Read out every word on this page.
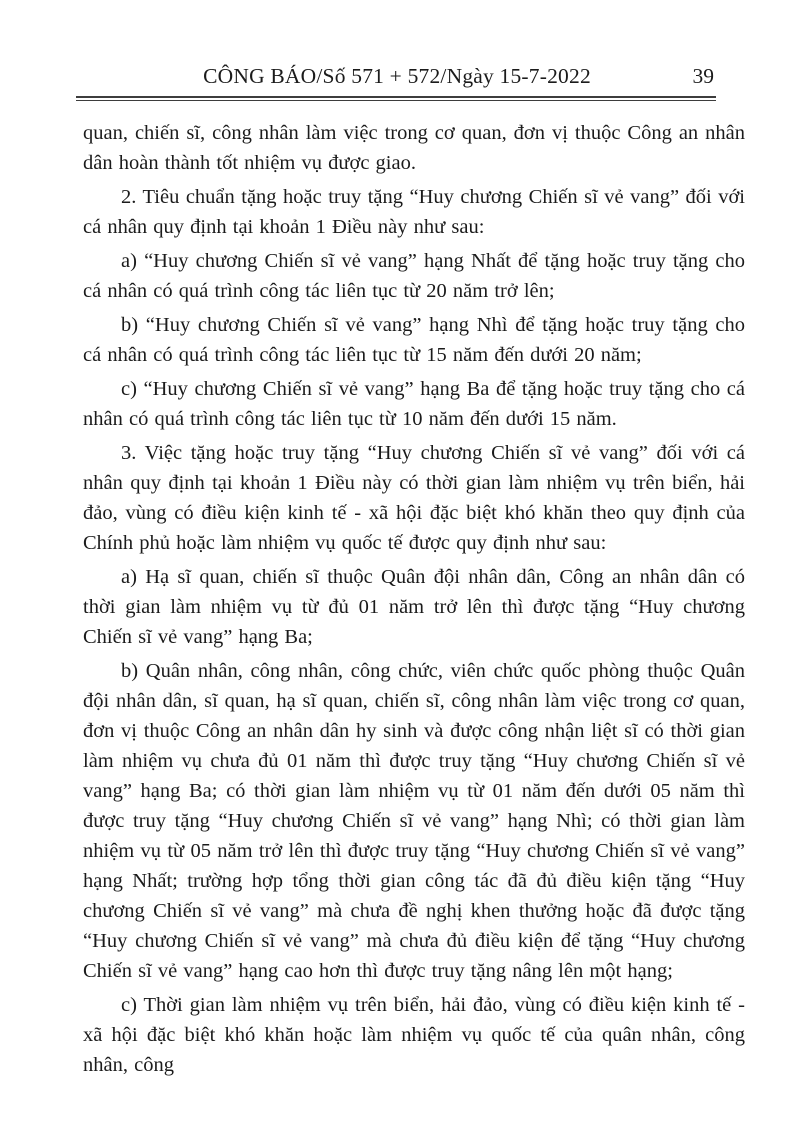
CÔNG BÁO/Số 571 + 572/Ngày 15-7-2022	39

quan, chiến sĩ, công nhân làm việc trong cơ quan, đơn vị thuộc Công an nhân dân hoàn thành tốt nhiệm vụ được giao.

2. Tiêu chuẩn tặng hoặc truy tặng “Huy chương Chiến sĩ vẻ vang” đối với cá nhân quy định tại khoản 1 Điều này như sau:

a) “Huy chương Chiến sĩ vẻ vang” hạng Nhất để tặng hoặc truy tặng cho cá nhân có quá trình công tác liên tục từ 20 năm trở lên;

b) “Huy chương Chiến sĩ vẻ vang” hạng Nhì để tặng hoặc truy tặng cho cá nhân có quá trình công tác liên tục từ 15 năm đến dưới 20 năm;

c) “Huy chương Chiến sĩ vẻ vang” hạng Ba để tặng hoặc truy tặng cho cá nhân có quá trình công tác liên tục từ 10 năm đến dưới 15 năm.

3. Việc tặng hoặc truy tặng “Huy chương Chiến sĩ vẻ vang” đối với cá nhân quy định tại khoản 1 Điều này có thời gian làm nhiệm vụ trên biển, hải đảo, vùng có điều kiện kinh tế - xã hội đặc biệt khó khăn theo quy định của Chính phủ hoặc làm nhiệm vụ quốc tế được quy định như sau:

a) Hạ sĩ quan, chiến sĩ thuộc Quân đội nhân dân, Công an nhân dân có thời gian làm nhiệm vụ từ đủ 01 năm trở lên thì được tặng “Huy chương Chiến sĩ vẻ vang” hạng Ba;

b) Quân nhân, công nhân, công chức, viên chức quốc phòng thuộc Quân đội nhân dân, sĩ quan, hạ sĩ quan, chiến sĩ, công nhân làm việc trong cơ quan, đơn vị thuộc Công an nhân dân hy sinh và được công nhận liệt sĩ có thời gian làm nhiệm vụ chưa đủ 01 năm thì được truy tặng “Huy chương Chiến sĩ vẻ vang” hạng Ba; có thời gian làm nhiệm vụ từ 01 năm đến dưới 05 năm thì được truy tặng “Huy chương Chiến sĩ vẻ vang” hạng Nhì; có thời gian làm nhiệm vụ từ 05 năm trở lên thì được truy tặng “Huy chương Chiến sĩ vẻ vang” hạng Nhất; trường hợp tổng thời gian công tác đã đủ điều kiện tặng “Huy chương Chiến sĩ vẻ vang” mà chưa đề nghị khen thưởng hoặc đã được tặng “Huy chương Chiến sĩ vẻ vang” mà chưa đủ điều kiện để tặng “Huy chương Chiến sĩ vẻ vang” hạng cao hơn thì được truy tặng nâng lên một hạng;

c) Thời gian làm nhiệm vụ trên biển, hải đảo, vùng có điều kiện kinh tế - xã hội đặc biệt khó khăn hoặc làm nhiệm vụ quốc tế của quân nhân, công nhân, công
